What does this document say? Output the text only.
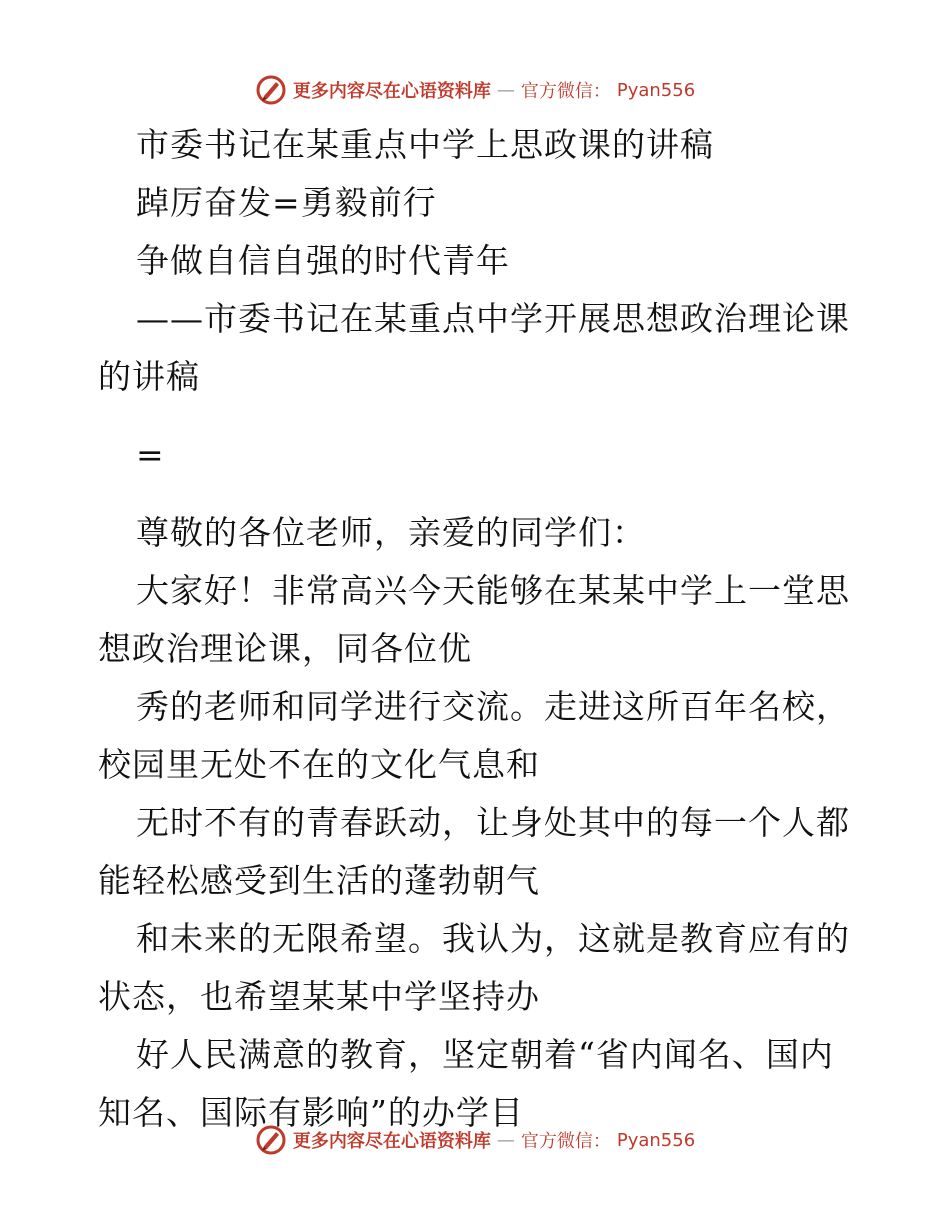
更多内容尽在心语资料库 — 官方微信： Pyan556

市委书记在某重点中学上思政课的讲稿

踔厉奋发=勇毅前行

争做自信自强的时代青年

——市委书记在某重点中学开展思想政治理论课

的讲稿

=

尊敬的各位老师，亲爱的同学们：

大家好！非常高兴今天能够在某某中学上一堂思

想政治理论课，同各位优

秀的老师和同学进行交流。走进这所百年名校，

校园里无处不在的文化气息和

无时不有的青春跃动，让身处其中的每一个人都

能轻松感受到生活的蓬勃朝气

和未来的无限希望。我认为，这就是教育应有的

状态，也希望某某中学坚持办

好人民满意的教育，坚定朝着“省内闻名、国内

知名、国际有影响”的办学目

更多内容尽在心语资料库 — 官方微信： Pyan556
